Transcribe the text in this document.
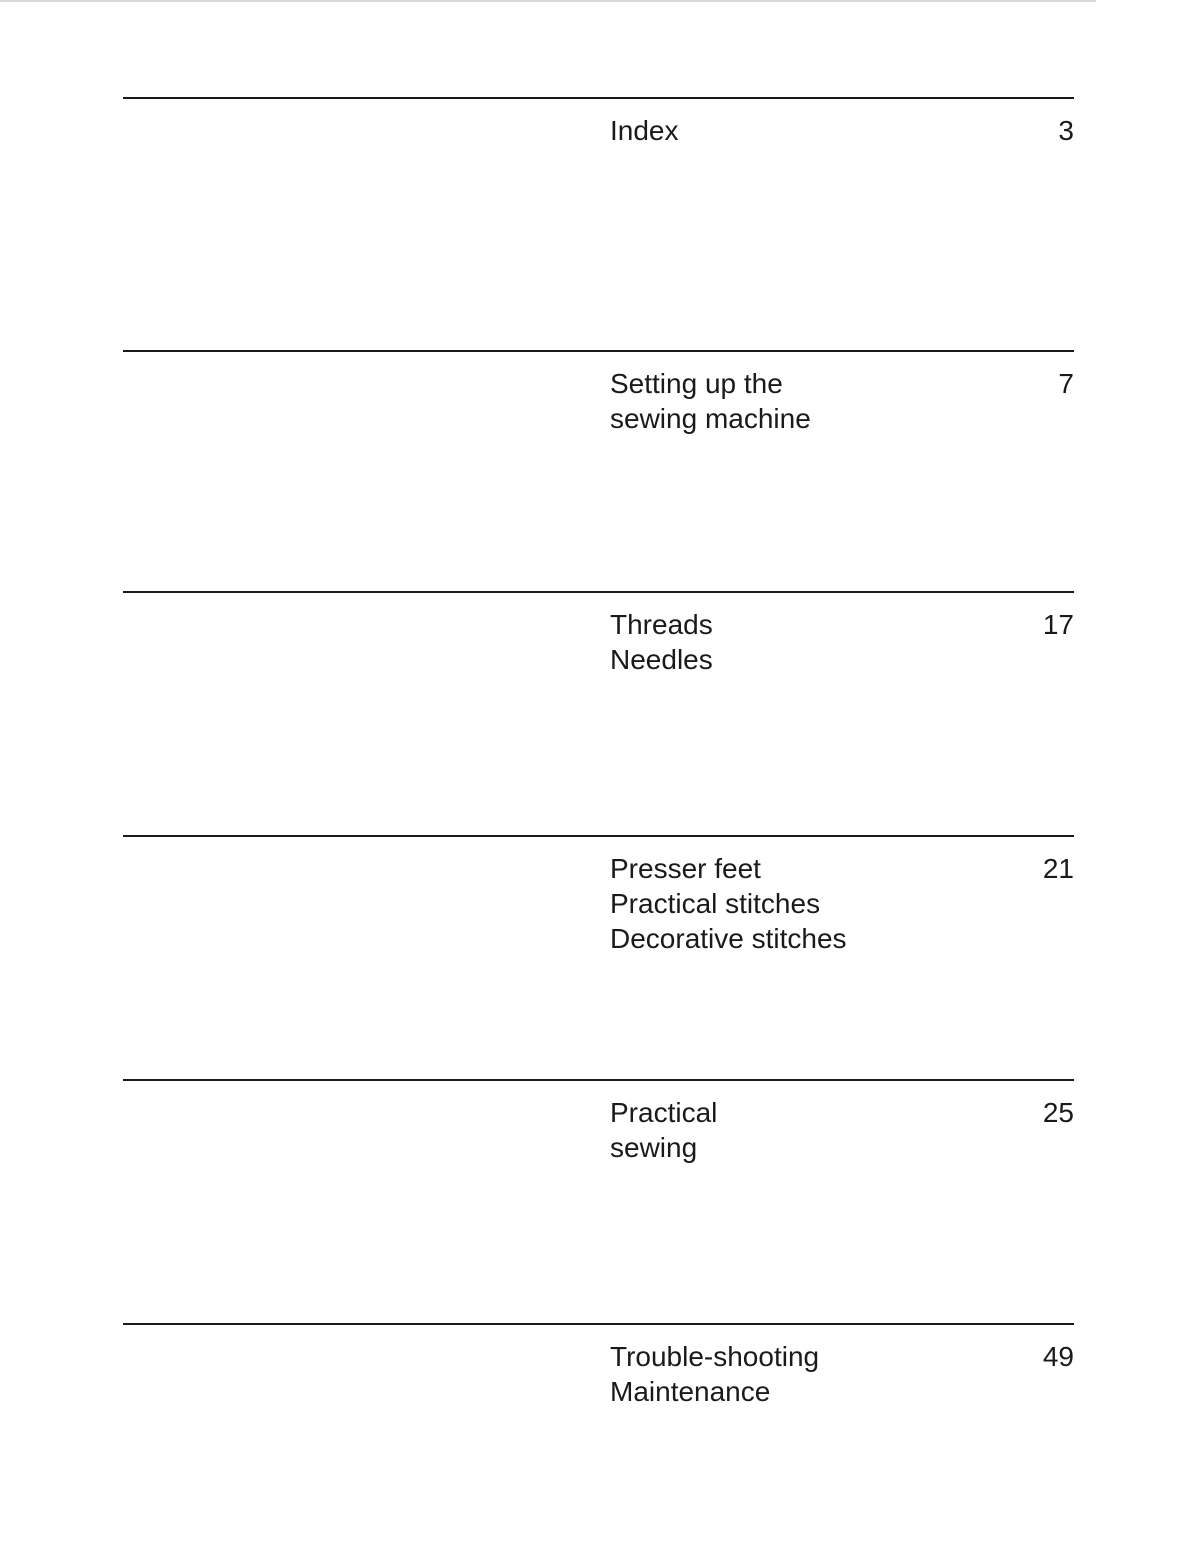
Index	3
Setting up the
sewing machine
7
Threads
Needles
17
Presser feet
Practical stitches
Decorative stitches
21
Practical
sewing
25
Trouble-shooting
Maintenance
49
